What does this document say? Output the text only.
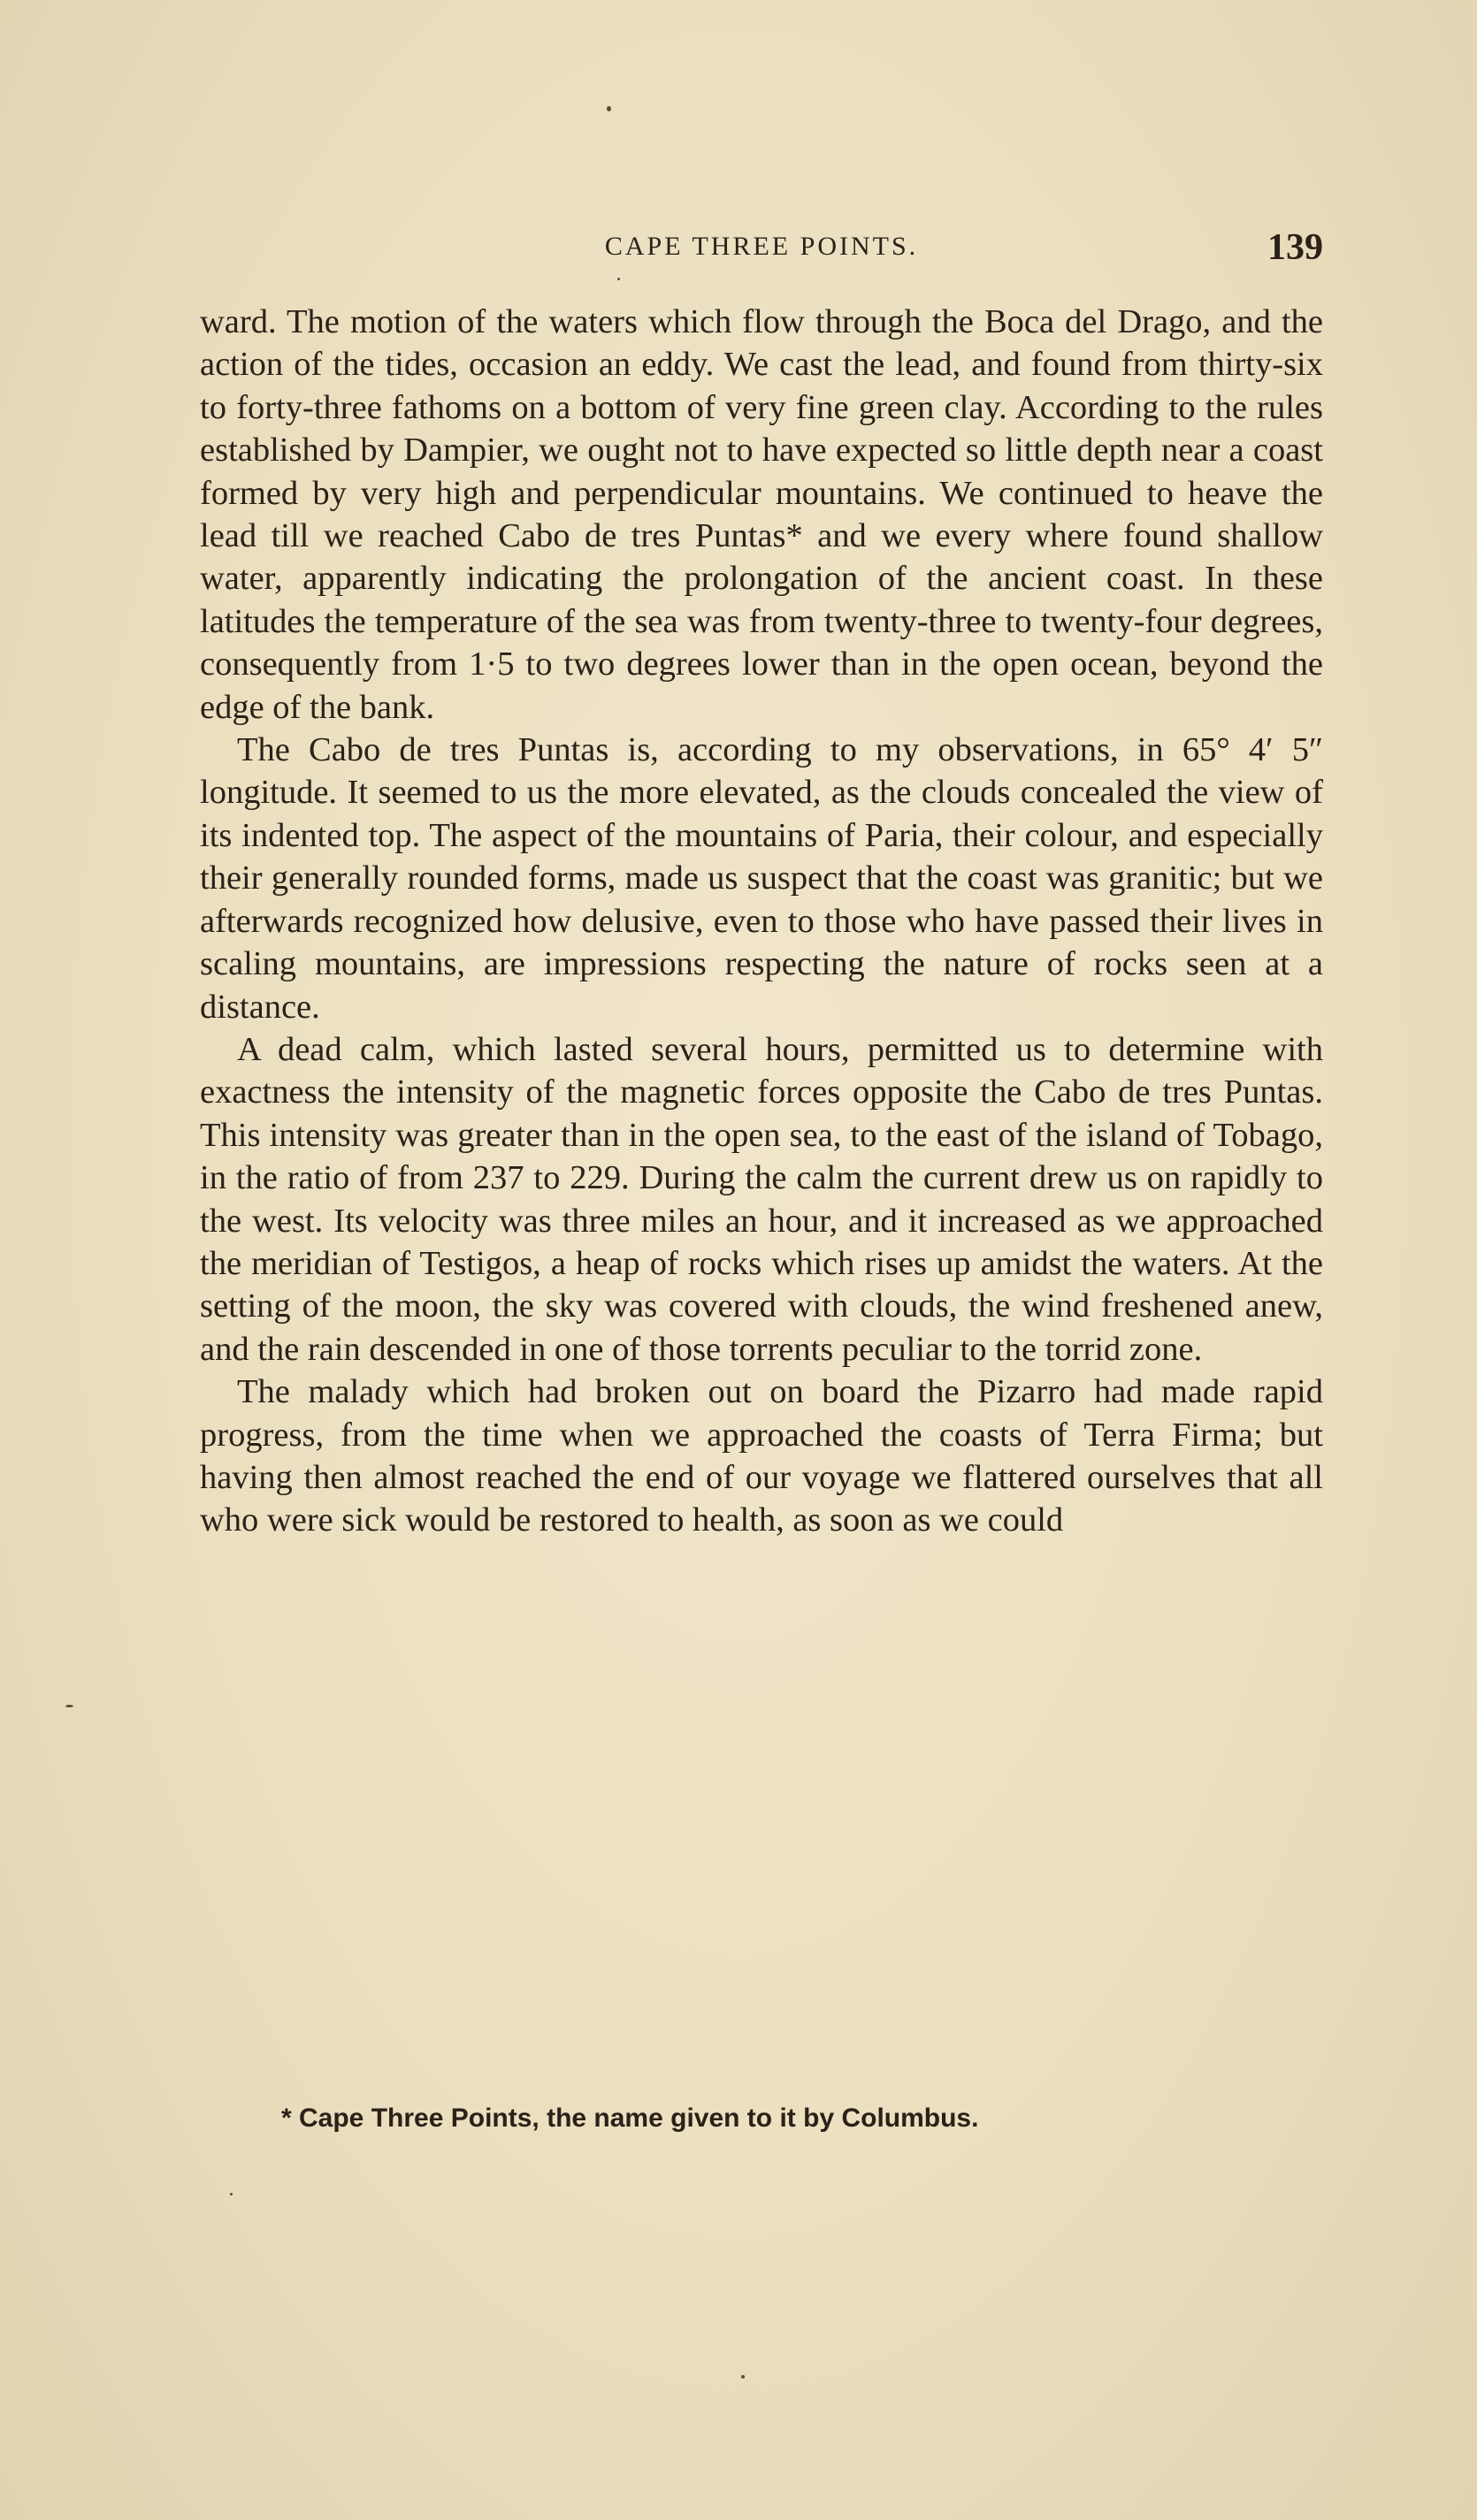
CAPE THREE POINTS.	139

ward. The motion of the waters which flow through the Boca del Drago, and the action of the tides, occasion an eddy. We cast the lead, and found from thirty-six to forty-three fathoms on a bottom of very fine green clay. According to the rules established by Dampier, we ought not to have expected so little depth near a coast formed by very high and perpendicular mountains. We continued to heave the lead till we reached Cabo de tres Puntas* and we every where found shallow water, apparently indicating the prolongation of the ancient coast. In these latitudes the temperature of the sea was from twenty-three to twenty-four degrees, consequently from 1·5 to two degrees lower than in the open ocean, beyond the edge of the bank.

The Cabo de tres Puntas is, according to my observations, in 65° 4′ 5″ longitude. It seemed to us the more elevated, as the clouds concealed the view of its indented top. The aspect of the mountains of Paria, their colour, and especially their generally rounded forms, made us suspect that the coast was granitic; but we afterwards recognized how delusive, even to those who have passed their lives in scaling mountains, are impressions respecting the nature of rocks seen at a distance.

A dead calm, which lasted several hours, permitted us to determine with exactness the intensity of the magnetic forces opposite the Cabo de tres Puntas. This intensity was greater than in the open sea, to the east of the island of Tobago, in the ratio of from 237 to 229. During the calm the current drew us on rapidly to the west. Its velocity was three miles an hour, and it increased as we approached the meridian of Testigos, a heap of rocks which rises up amidst the waters. At the setting of the moon, the sky was covered with clouds, the wind freshened anew, and the rain descended in one of those torrents peculiar to the torrid zone.

The malady which had broken out on board the Pizarro had made rapid progress, from the time when we approached the coasts of Terra Firma; but having then almost reached the end of our voyage we flattered ourselves that all who were sick would be restored to health, as soon as we could

* Cape Three Points, the name given to it by Columbus.
